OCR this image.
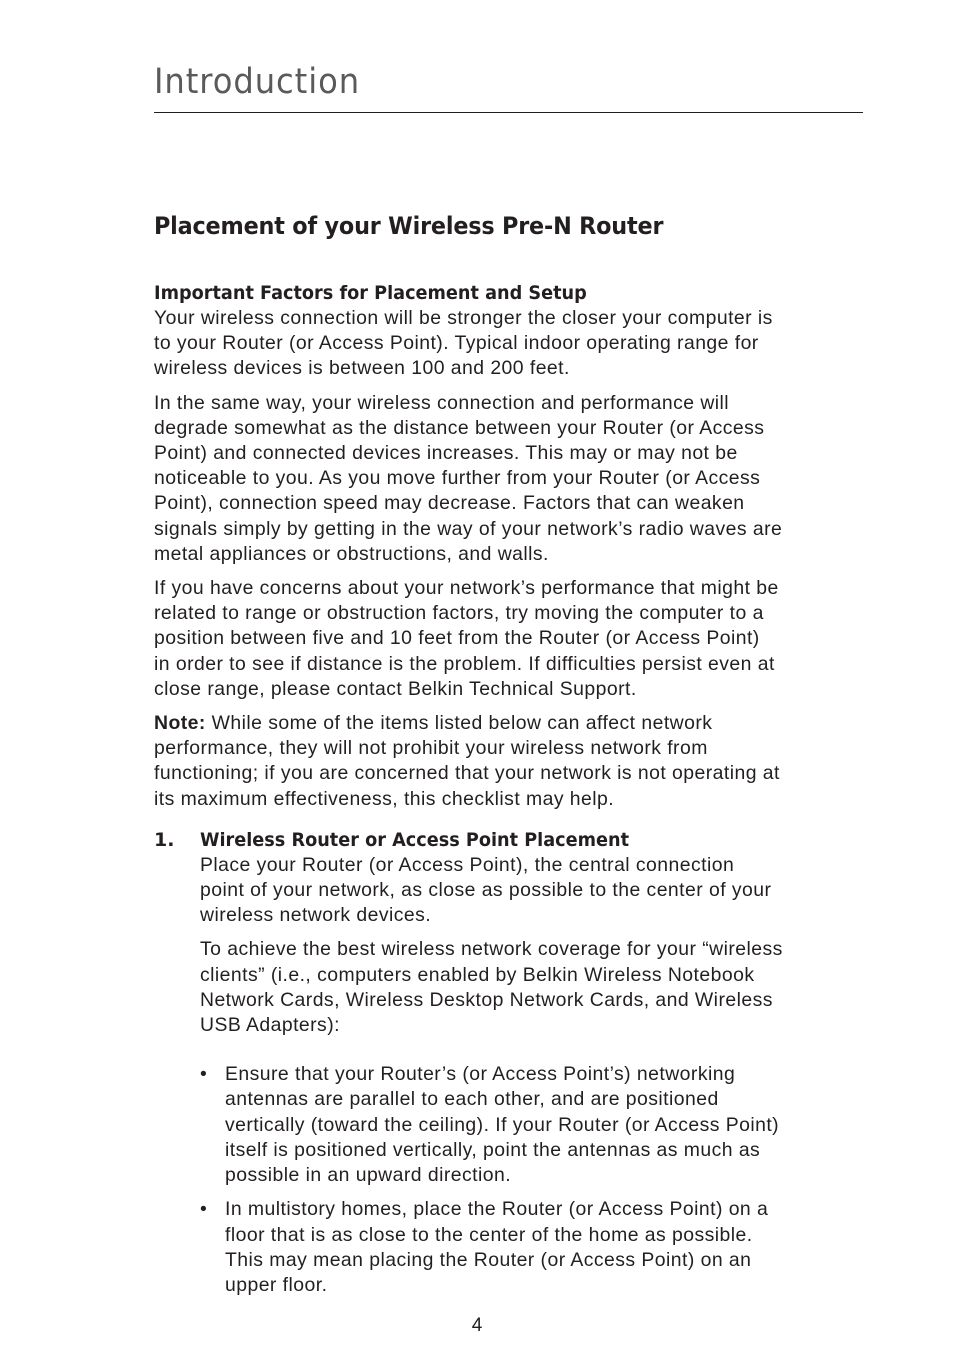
Introduction
Placement of your Wireless Pre-N Router
Important Factors for Placement and Setup
Your wireless connection will be stronger the closer your computer is
to your Router (or Access Point). Typical indoor operating range for
wireless devices is between 100 and 200 feet.
In the same way, your wireless connection and performance will
degrade somewhat as the distance between your Router (or Access
Point) and connected devices increases. This may or may not be
noticeable to you. As you move further from your Router (or Access
Point), connection speed may decrease. Factors that can weaken
signals simply by getting in the way of your network’s radio waves are
metal appliances or obstructions, and walls.
If you have concerns about your network’s performance that might be
related to range or obstruction factors, try moving the computer to a
position between five and 10 feet from the Router (or Access Point)
in order to see if distance is the problem. If difficulties persist even at
close range, please contact Belkin Technical Support.
Note: While some of the items listed below can affect network
performance, they will not prohibit your wireless network from
functioning; if you are concerned that your network is not operating at
its maximum effectiveness, this checklist may help.
1. Wireless Router or Access Point Placement
Place your Router (or Access Point), the central connection
point of your network, as close as possible to the center of your
wireless network devices.
To achieve the best wireless network coverage for your “wireless
clients” (i.e., computers enabled by Belkin Wireless Notebook
Network Cards, Wireless Desktop Network Cards, and Wireless
USB Adapters):
• Ensure that your Router’s (or Access Point’s) networking
antennas are parallel to each other, and are positioned
vertically (toward the ceiling). If your Router (or Access Point)
itself is positioned vertically, point the antennas as much as
possible in an upward direction.
• In multistory homes, place the Router (or Access Point) on a
floor that is as close to the center of the home as possible.
This may mean placing the Router (or Access Point) on an
upper floor.
4
